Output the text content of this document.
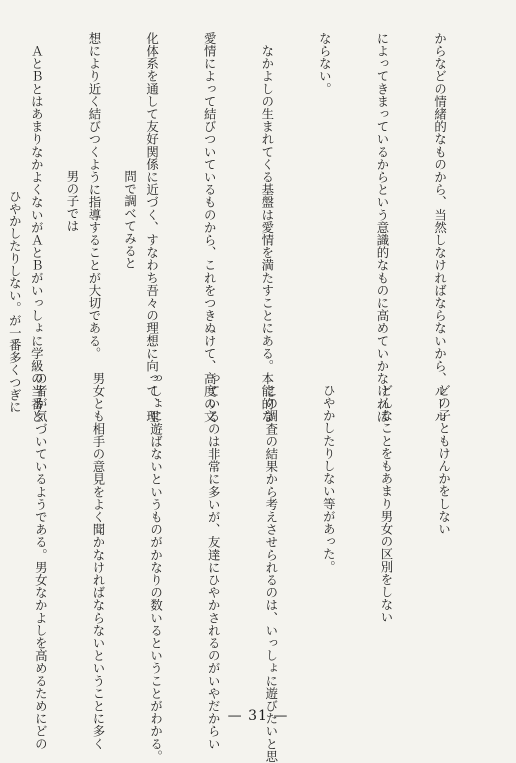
からなどの情緒的なものから、当然しなければならないから、ルール

によってきまっているからという意識的なものに高めていかなければ

ならない。

　なかよしの生まれてくる基盤は愛情を満たすことにある。本能的な

愛情によって結びついているものから、これをつきぬけて、高度の文

化体系を通して友好関係に近づく、すなわち吾々の理想に向って、理

想により近く結びつくように指導することが大切である。

　ＡとＢとはあまりなかよくないがＡとＢがいっしょに学級の当番と

	問で調べてみると

男の子では

ひやかしたりしない。が一番多くつぎに

どの子ともけんかをしない

どんなことをもあまり男女の区別をしない

ひやかしたりしない等があった。

　この調査の結果から考えさせられるのは、いっしょに遊びたいと思

っているのは非常に多いが、友達にひやかされるのがいやだからい

っしょに遊ばないというものがかなりの数いるということがわかる。

男女とも相手の意見をよく聞かなければならないということに多く

の者が気づいているようである。男女なかよしを高めるためにどの

	— 31 —
